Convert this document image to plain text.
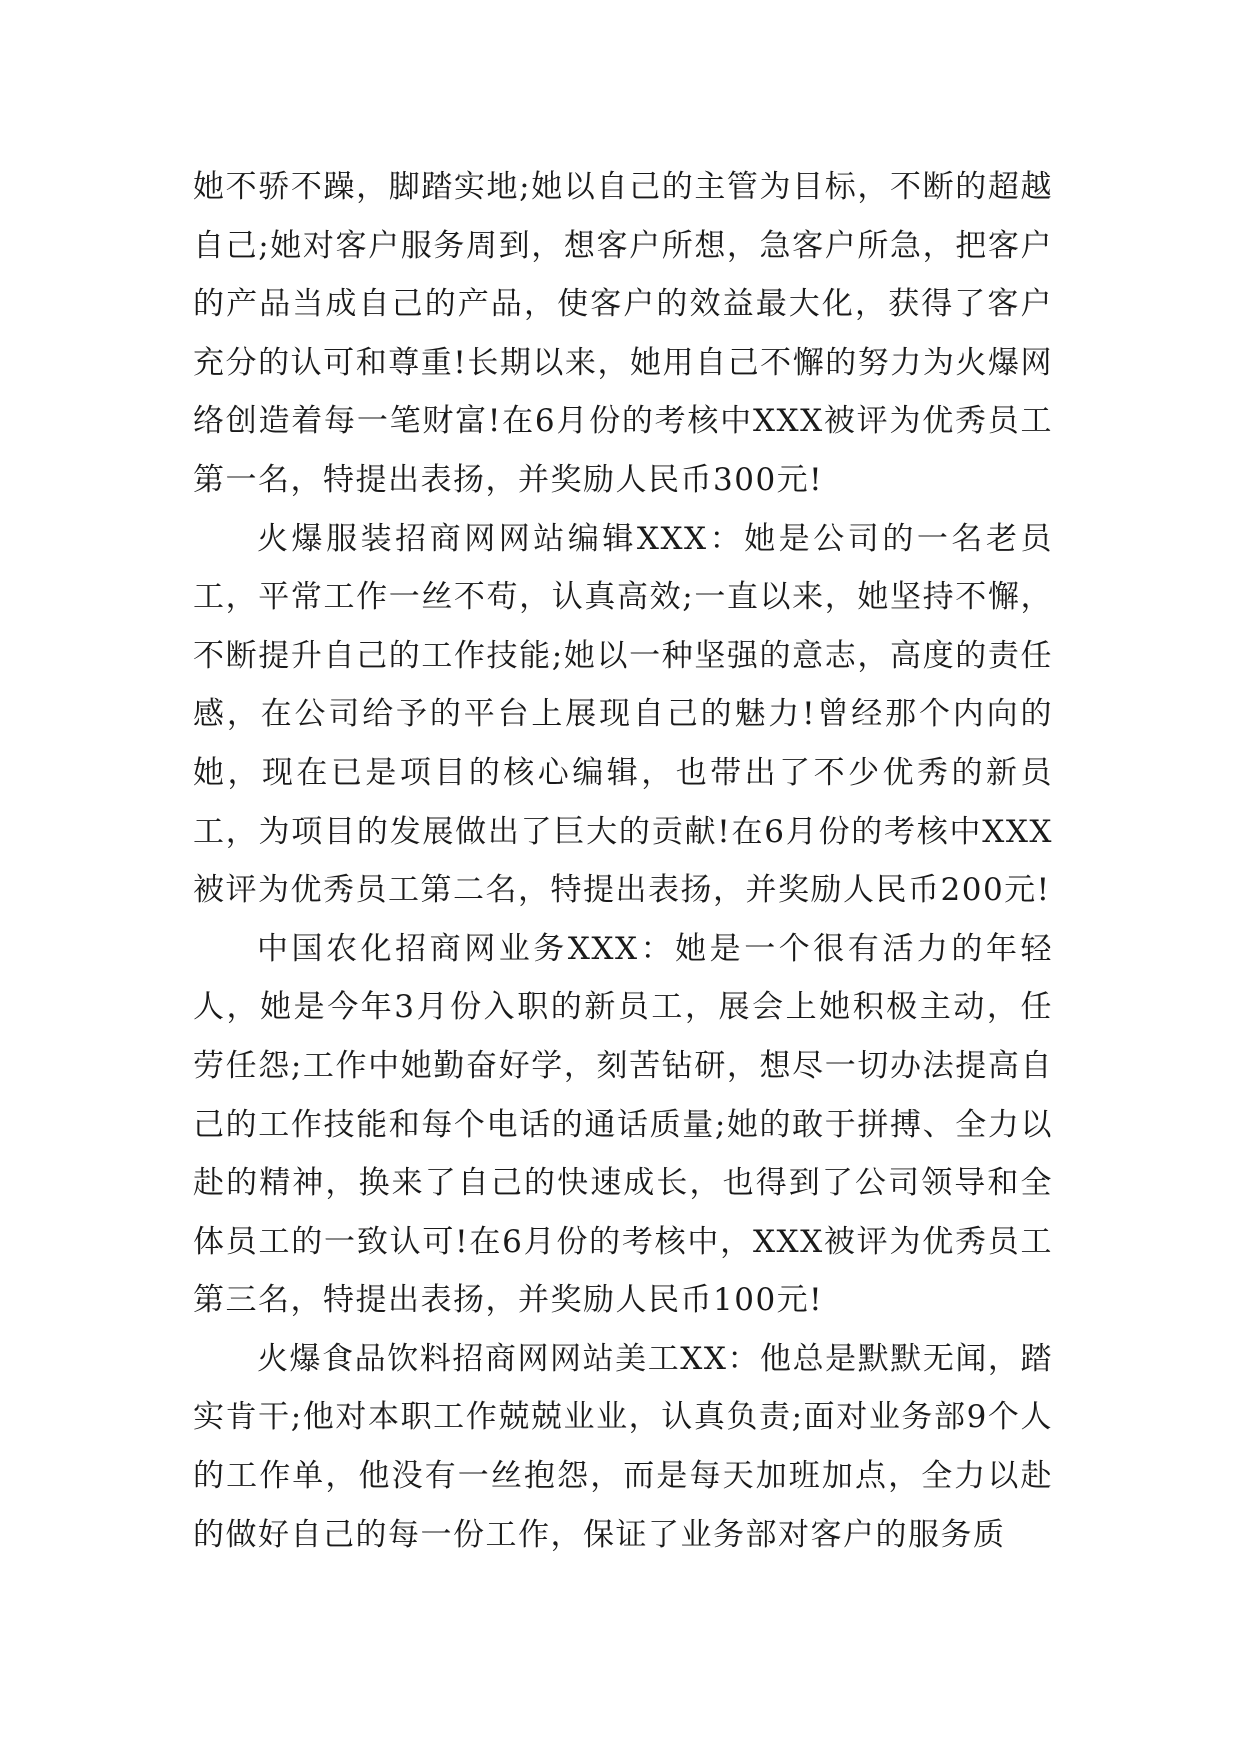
她不骄不躁，脚踏实地;她以自己的主管为目标，不断的超越自己;她对客户服务周到，想客户所想，急客户所急，把客户的产品当成自己的产品，使客户的效益最大化，获得了客户充分的认可和尊重!长期以来，她用自己不懈的努力为火爆网络创造着每一笔财富!在6月份的考核中XXX被评为优秀员工第一名，特提出表扬，并奖励人民币300元!

火爆服装招商网网站编辑XXX：她是公司的一名老员工，平常工作一丝不苟，认真高效;一直以来，她坚持不懈，不断提升自己的工作技能;她以一种坚强的意志，高度的责任感，在公司给予的平台上展现自己的魅力!曾经那个内向的她，现在已是项目的核心编辑，也带出了不少优秀的新员工，为项目的发展做出了巨大的贡献!在6月份的考核中XXX被评为优秀员工第二名，特提出表扬，并奖励人民币200元!

中国农化招商网业务XXX：她是一个很有活力的年轻人，她是今年3月份入职的新员工，展会上她积极主动，任劳任怨;工作中她勤奋好学，刻苦钻研，想尽一切办法提高自己的工作技能和每个电话的通话质量;她的敢于拼搏、全力以赴的精神，换来了自己的快速成长，也得到了公司领导和全体员工的一致认可!在6月份的考核中，XXX被评为优秀员工第三名，特提出表扬，并奖励人民币100元!

火爆食品饮料招商网网站美工XX：他总是默默无闻，踏实肯干;他对本职工作兢兢业业，认真负责;面对业务部9个人的工作单，他没有一丝抱怨，而是每天加班加点，全力以赴的做好自己的每一份工作，保证了业务部对客户的服务质
